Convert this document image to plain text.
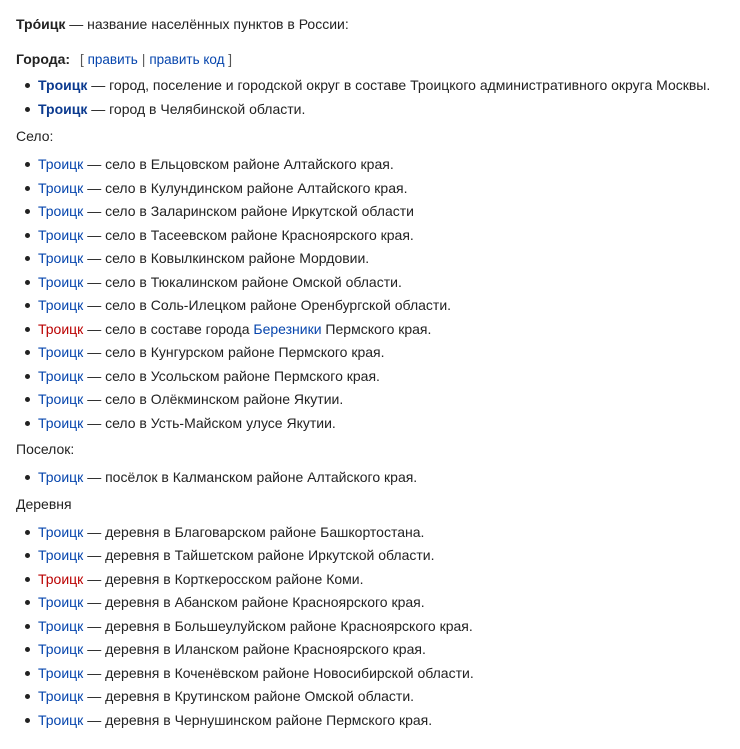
Тро́ицк — название населённых пунктов в России:

Города: [ править | править код ]
Троицк — город, поселение и городской округ в составе Троицкого административного округа Москвы.
Троицк — город в Челябинской области.
Село:
Троицк — село в Ельцовском районе Алтайского края.
Троицк — село в Кулундинском районе Алтайского края.
Троицк — село в Заларинском районе Иркутской области
Троицк — село в Тасеевском районе Красноярского края.
Троицк — село в Ковылкинском районе Мордовии.
Троицк — село в Тюкалинском районе Омской области.
Троицк — село в Соль-Илецком районе Оренбургской области.
Троицк — село в составе города Березники Пермского края.
Троицк — село в Кунгурском районе Пермского края.
Троицк — село в Усольском районе Пермского края.
Троицк — село в Олёкминском районе Якутии.
Троицк — село в Усть-Майском улусе Якутии.
Поселок:
Троицк — посёлок в Калманском районе Алтайского края.
Деревня
Троицк — деревня в Благоварском районе Башкортостана.
Троицк — деревня в Тайшетском районе Иркутской области.
Троицк — деревня в Корткеросском районе Коми.
Троицк — деревня в Абанском районе Красноярского края.
Троицк — деревня в Большеулуйском районе Красноярского края.
Троицк — деревня в Иланском районе Красноярского края.
Троицк — деревня в Коченёвском районе Новосибирской области.
Троицк — деревня в Крутинском районе Омской области.
Троицк — деревня в Чернушинском районе Пермского края.
